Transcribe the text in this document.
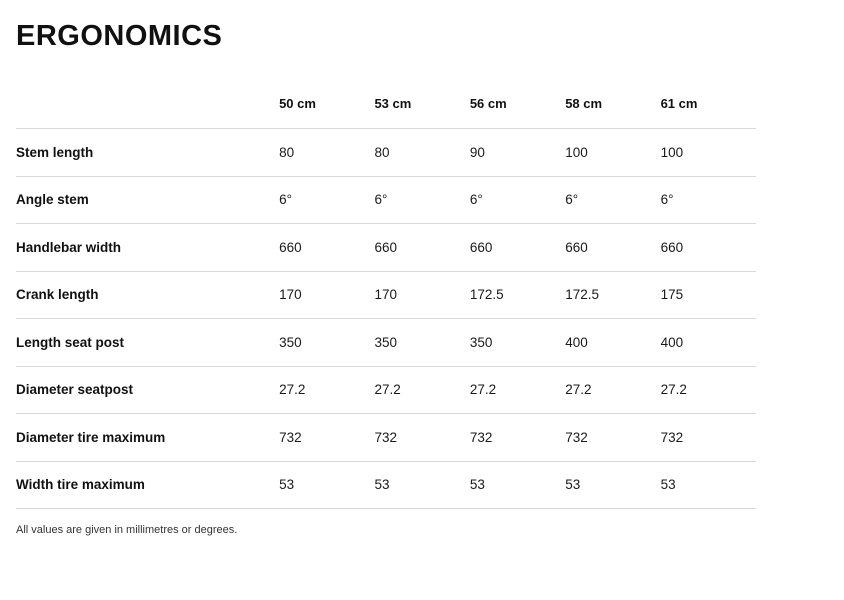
ERGONOMICS
	50 cm	53 cm	56 cm	58 cm	61 cm
Stem length	80	80	90	100	100
Angle stem	6°	6°	6°	6°	6°
Handlebar width	660	660	660	660	660
Crank length	170	170	172.5	172.5	175
Length seat post	350	350	350	400	400
Diameter seatpost	27.2	27.2	27.2	27.2	27.2
Diameter tire maximum	732	732	732	732	732
Width tire maximum	53	53	53	53	53
All values are given in millimetres or degrees.
